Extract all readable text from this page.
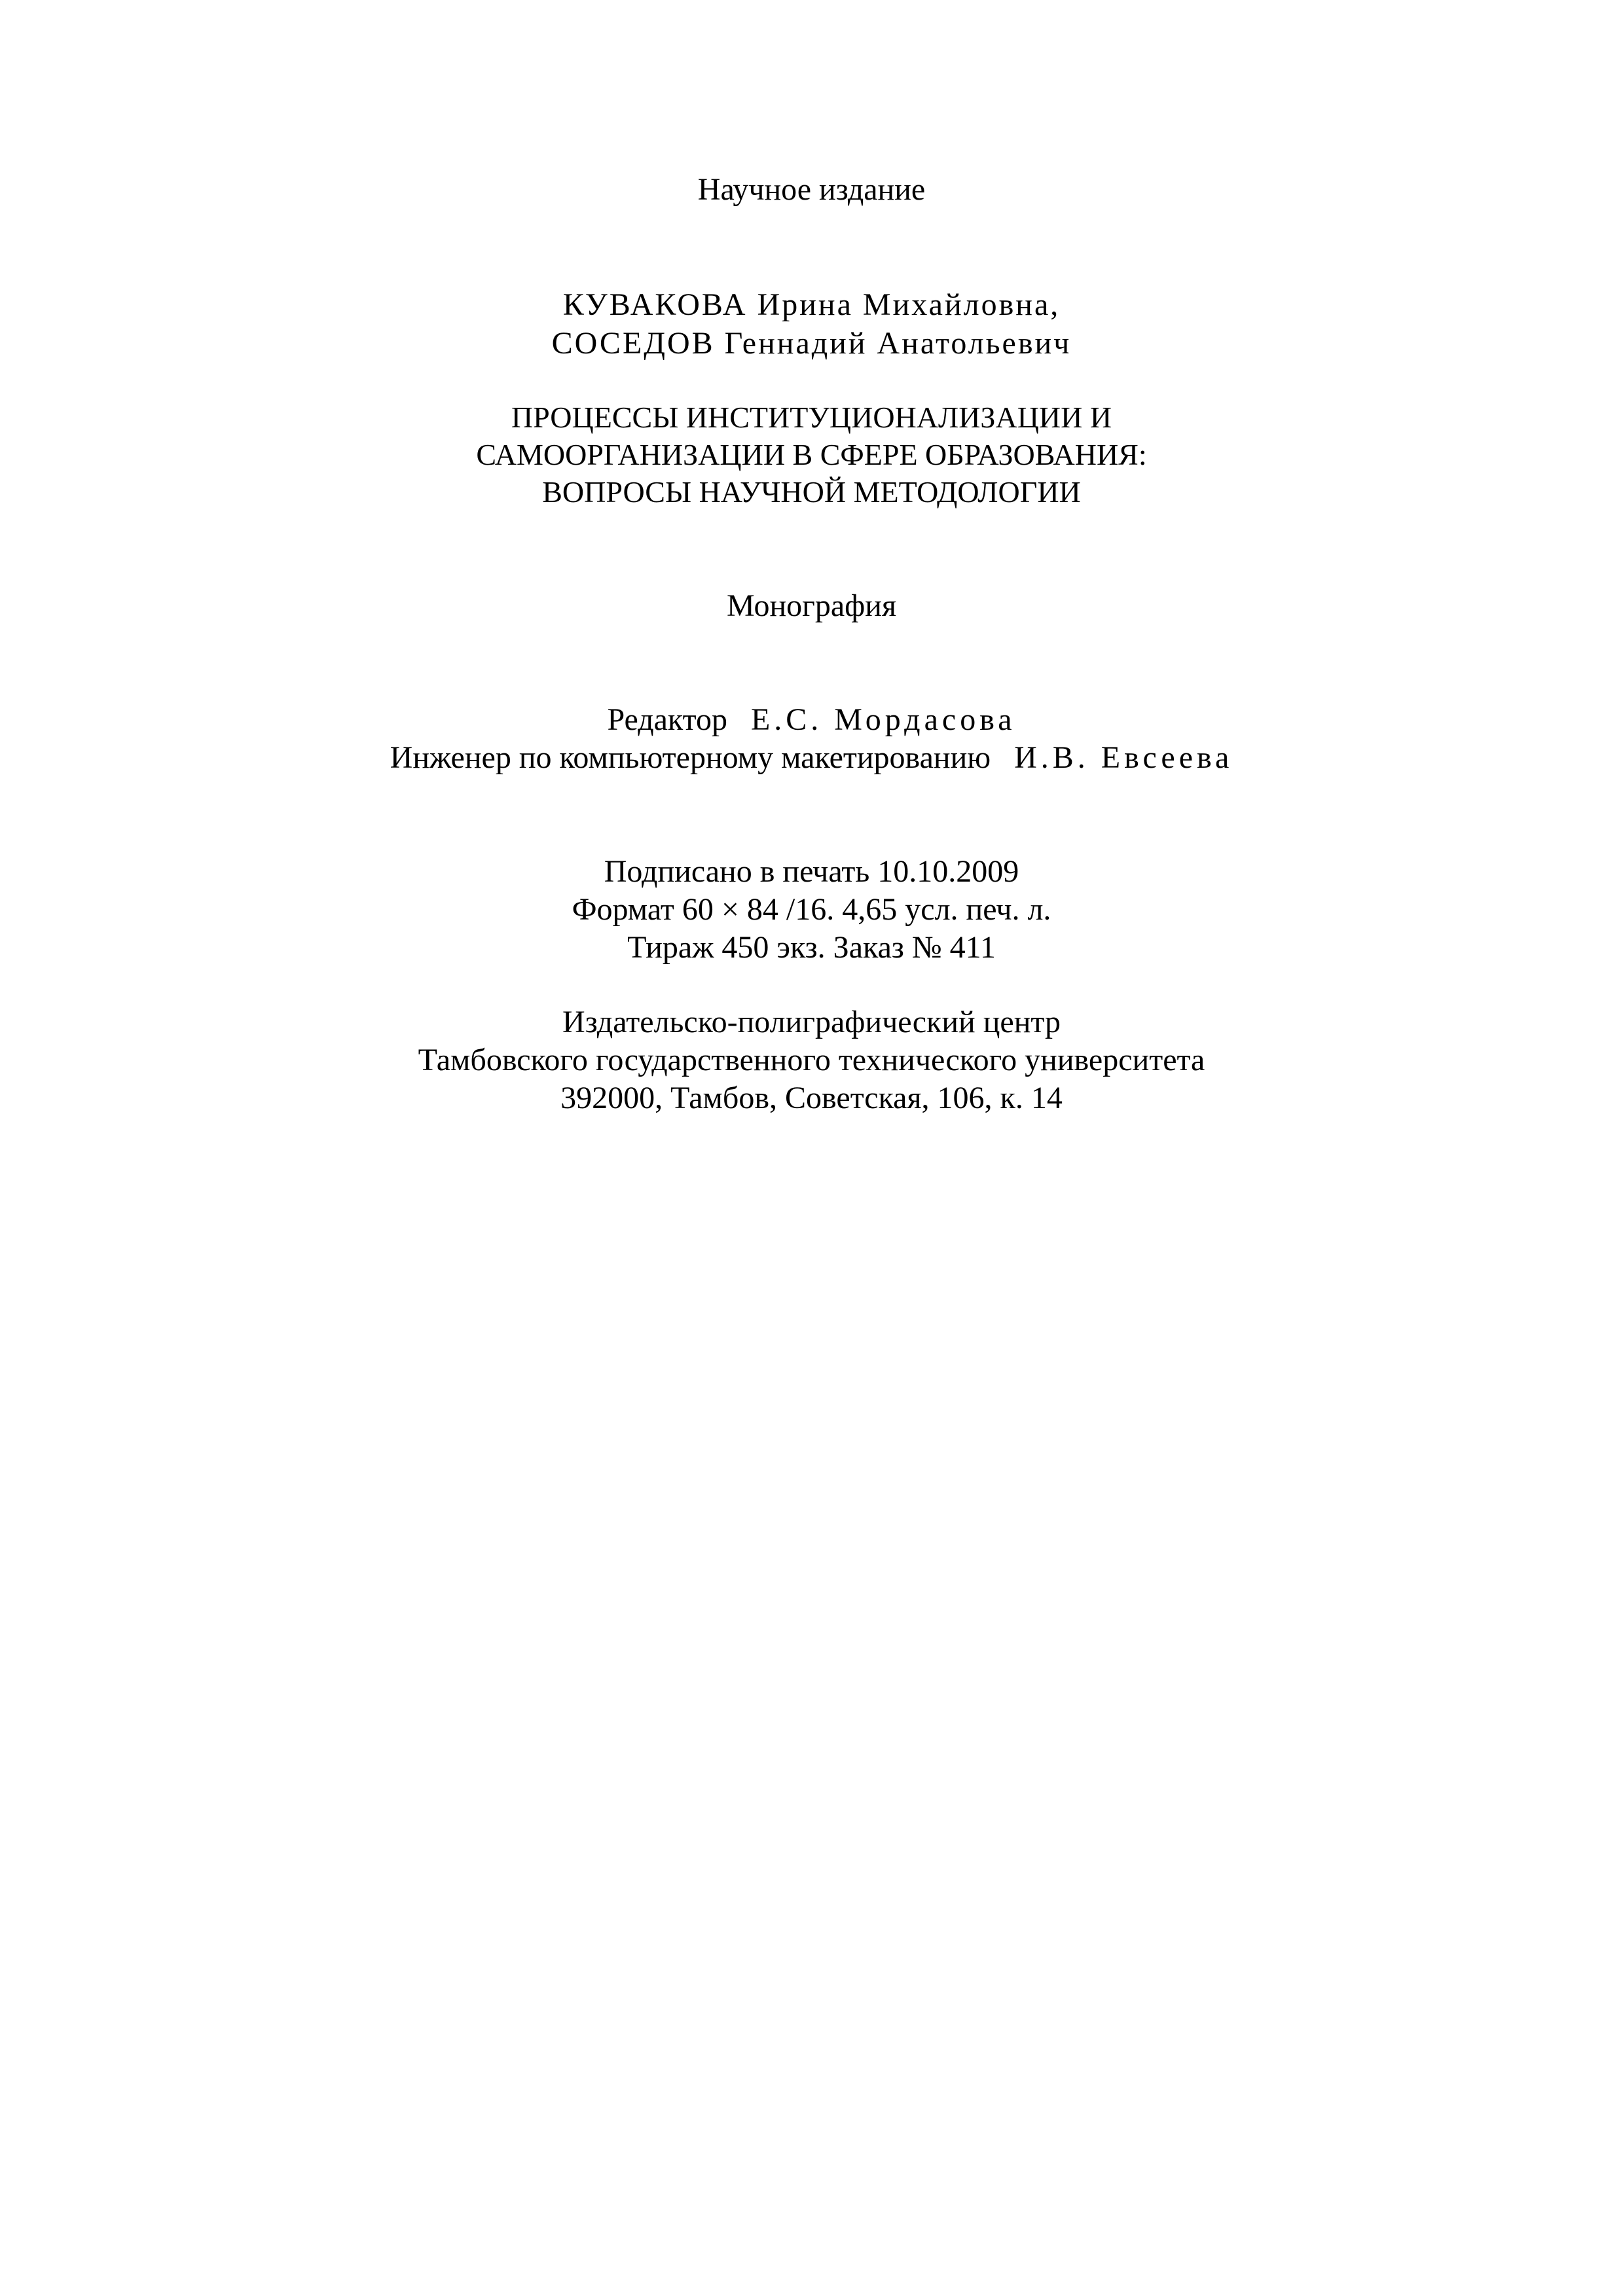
Научное издание
КУВАКОВА Ирина Михайловна,
СОСЕДОВ Геннадий Анатольевич
ПРОЦЕССЫ ИНСТИТУЦИОНАЛИЗАЦИИ И
САМООРГАНИЗАЦИИ В СФЕРЕ ОБРАЗОВАНИЯ:
ВОПРОСЫ НАУЧНОЙ МЕТОДОЛОГИИ
Монография
Редактор Е.С. Мордасова
Инженер по компьютерному макетированию И.В. Евсеева
Подписано в печать 10.10.2009
Формат 60 × 84 /16. 4,65 усл. печ. л.
Тираж 450 экз. Заказ № 411
Издательско-полиграфический центр
Тамбовского государственного технического университета
392000, Тамбов, Советская, 106, к. 14
